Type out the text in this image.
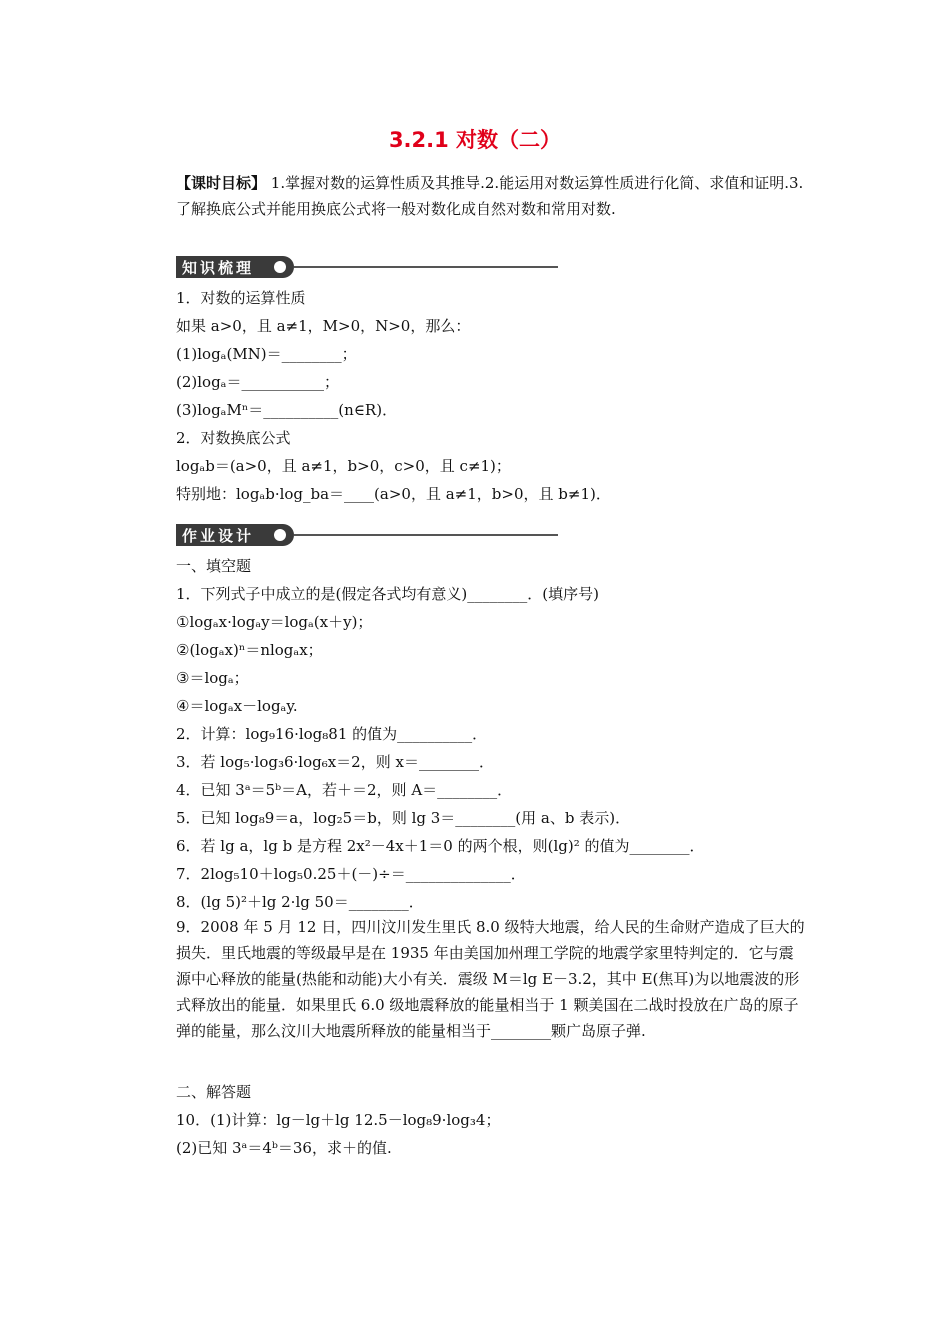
3.2.1 对数（二）
【课时目标】 1.掌握对数的运算性质及其推导.2.能运用对数运算性质进行化简、求值和证明.3.了解换底公式并能用换底公式将一般对数化成自然对数和常用对数.
知识梳理
1．对数的运算性质
如果 a>0，且 a≠1，M>0，N>0，那么：
(1)logₐ(MN)＝________；
(2)logₐ＝___________；
(3)logₐMⁿ＝__________(n∈R)．
2．对数换底公式
logₐb＝(a>0，且 a≠1，b>0，c>0，且 c≠1)；
特别地：logₐb·log_ba＝____(a>0，且 a≠1，b>0，且 b≠1)．
作业设计
一、填空题
1．下列式子中成立的是(假定各式均有意义)________．(填序号)
①logₐx·logₐy＝logₐ(x＋y)；
②(logₐx)ⁿ＝nlogₐx；
③＝logₐ；
④＝logₐx－logₐy.
2．计算：log₉16·log₈81 的值为__________．
3．若 log₅·log₃6·log₆x＝2，则 x＝________．
4．已知 3ᵃ＝5ᵇ＝A，若＋＝2，则 A＝________．
5．已知 log₈9＝a，log₂5＝b，则 lg 3＝________(用 a、b 表示)．
6．若 lg a，lg b 是方程 2x²－4x＋1＝0 的两个根，则(lg)² 的值为________．
7．2log₅10＋log₅0.25＋(－)÷＝______________．
8．(lg 5)²＋lg 2·lg 50＝________．
9．2008 年 5 月 12 日，四川汶川发生里氏 8.0 级特大地震，给人民的生命财产造成了巨大的损失．里氏地震的等级最早是在 1935 年由美国加州理工学院的地震学家里特判定的．它与震源中心释放的能量(热能和动能)大小有关．震级 M＝lg E－3.2，其中 E(焦耳)为以地震波的形式释放出的能量．如果里氏 6.0 级地震释放的能量相当于 1 颗美国在二战时投放在广岛的原子弹的能量，那么汶川大地震所释放的能量相当于________颗广岛原子弹.
二、解答题
10．(1)计算：lg－lg＋lg 12.5－log₈9·log₃4；
(2)已知 3ᵃ＝4ᵇ＝36，求＋的值.
